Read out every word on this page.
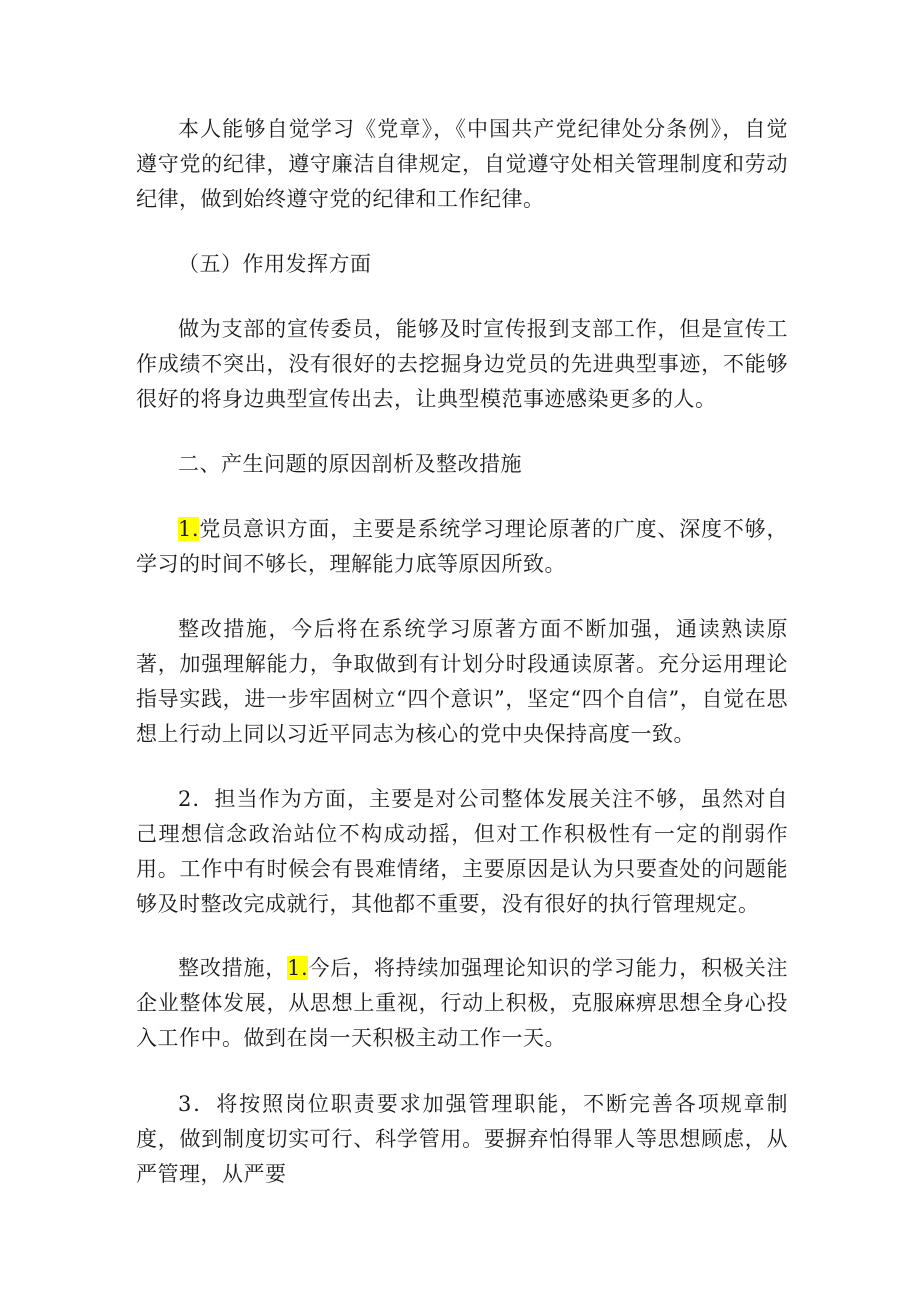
本人能够自觉学习《党章》，《中国共产党纪律处分条例》，自觉遵守党的纪律，遵守廉洁自律规定，自觉遵守处相关管理制度和劳动纪律，做到始终遵守党的纪律和工作纪律。

（五）作用发挥方面

做为支部的宣传委员，能够及时宣传报到支部工作，但是宣传工作成绩不突出，没有很好的去挖掘身边党员的先进典型事迹，不能够很好的将身边典型宣传出去，让典型模范事迹感染更多的人。

二、产生问题的原因剖析及整改措施

1.党员意识方面，主要是系统学习理论原著的广度、深度不够，学习的时间不够长，理解能力底等原因所致。

整改措施，今后将在系统学习原著方面不断加强，通读熟读原著，加强理解能力，争取做到有计划分时段通读原著。充分运用理论指导实践，进一步牢固树立“四个意识”，坚定“四个自信”，自觉在思想上行动上同以习近平同志为核心的党中央保持高度一致。

2．担当作为方面，主要是对公司整体发展关注不够，虽然对自己理想信念政治站位不构成动摇，但对工作积极性有一定的削弱作用。工作中有时候会有畏难情绪，主要原因是认为只要查处的问题能够及时整改完成就行，其他都不重要，没有很好的执行管理规定。

整改措施，1.今后，将持续加强理论知识的学习能力，积极关注企业整体发展，从思想上重视，行动上积极，克服麻痹思想全身心投入工作中。做到在岗一天积极主动工作一天。

3．将按照岗位职责要求加强管理职能，不断完善各项规章制度，做到制度切实可行、科学管用。要摒弃怕得罪人等思想顾虑，从严管理，从严要
